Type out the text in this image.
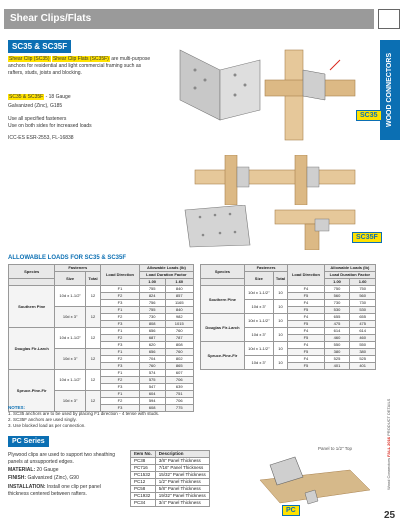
Shear Clips/Flats
SC35 & SC35F
Shear Clip (SC35) Shear Clip Flats (SC35F) are multi-purpose anchors for residential and light commercial framing such as rafters, studs, joists and blocking.
SC35 & SC35F - 18 Gauge
Galvanized (Zinc), G185
Use all specified fasteners
Use on both sides for increased loads
ICC-ES ESR-2553, FL-16838
WOOD CONNECTORS
Wood Connectors FALL 2016 PRODUCT DETAILS
25
SC35
SC35F
ALLOWABLE LOADS FOR SC35 & SC35F
Species	Fasteners		Load Direction	Allowable Loads (lb)	
	Size	Total		Load Duration Factor	
				1.00	1.60
Southern Pine	10d x 1-1/2"	12	F1	755	840
			F2	824	857
			F3	756	1165
	10d x 3"	12	F1	755	840
			F2	730	982
			F3	808	1015
Douglas Fir-Larch	10d x 1-1/2"	12	F1	656	760
			F2	687	787
			F3	620	808
	10d x 3"	12	F1	656	760
			F2	704	802
			F3	760	865
Spruce-Pine-Fir	10d x 1-1/2"	12	F1	574	607
			F2	575	706
			F3	547	639
	10d x 3"	12	F1	604	751
			F2	594	706
			F3	608	775
Species	Fasteners		Load Direction	Allowable Loads (lb)	
	Size	Total		Load Duration Factor	
				1.00	1.60
Southern Pine	10d x 1-1/2"	10	F4	750	750
			F5	560	560
	10d x 3"	10	F4	730	730
			F5	530	530
Douglas Fir-Larch	10d x 1-1/2"	10	F4	655	655
			F5	475	475
	10d x 3"	10	F4	614	614
			F5	460	460
Spruce-Pine-Fir	10d x 1-1/2"	10	F4	550	550
			F5	380	380
	10d x 3"	10	F4	525	525
			F5	401	401
NOTES:
1. SC35 anchors are to be used by placing F1 direction - 4 tense with studs.
2. SC35F anchors are used singly.
3. Use blocked load as per connection.
PC Series
Plywood clips are used to support two sheathing panels at unsupported edges.
MATERIAL: 20 Gauge
FINISH: Galvanized (Zinc), G90
INSTALLATION: Install one clip per panel thickness centered between rafters.
Item No.	Description
PC38	3/8" Panel Thickness
PC716	7/16" Panel Thickness
PC1532	15/32" Panel Thickness
PC12	1/2" Panel Thickness
PC58	5/8" Panel Thickness
PC1932	19/32" Panel Thickness
PC34	3/4" Panel Thickness
Panel to 1/2" Top
PC
